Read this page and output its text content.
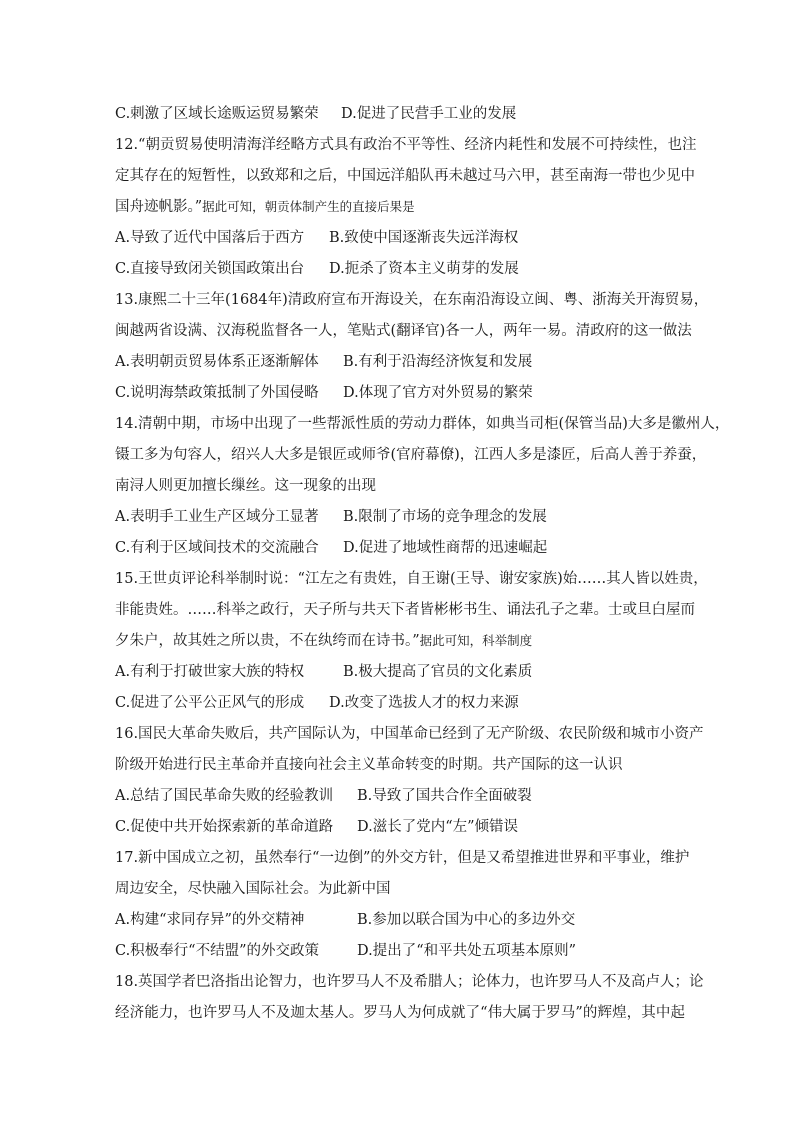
C.刺激了区域长途贩运贸易繁荣 D.促进了民营手工业的发展
12.“朝贡贸易使明清海洋经略方式具有政治不平等性、经济内耗性和发展不可持续性，也注
定其存在的短暂性，以致郑和之后，中国远洋船队再未越过马六甲，甚至南海一带也少见中
国舟迹帆影。”据此可知，朝贡体制产生的直接后果是
A.导致了近代中国落后于西方 B.致使中国逐渐丧失远洋海权
C.直接导致闭关锁国政策出台 D.扼杀了资本主义萌芽的发展
13.康熙二十三年(1684年)清政府宣布开海设关，在东南沿海设立闽、粤、浙海关开海贸易，
闽越两省设满、汉海税监督各一人，笔贴式(翻译官)各一人，两年一易。清政府的这一做法
A.表明朝贡贸易体系正逐渐解体 B.有利于沿海经济恢复和发展
C.说明海禁政策抵制了外国侵略 D.体现了官方对外贸易的繁荣
14.清朝中期，市场中出现了一些帮派性质的劳动力群体，如典当司柜(保管当品)大多是徽州人，
镊工多为句容人，绍兴人大多是银匠或师爷(官府幕僚)，江西人多是漆匠，后高人善于养蚕，
南浔人则更加擅长缫丝。这一现象的出现
A.表明手工业生产区域分工显著 B.限制了市场的竞争理念的发展
C.有利于区域间技术的交流融合 D.促进了地域性商帮的迅速崛起
15.王世贞评论科举制时说：“江左之有贵姓，自王谢(王导、谢安家族)始……其人皆以姓贵，
非能贵姓。……科举之政行，天子所与共天下者皆彬彬书生、诵法孔子之辈。士或旦白屋而
夕朱户，故其姓之所以贵，不在纨绔而在诗书。”据此可知，科举制度
A.有利于打破世家大族的特权	B.极大提高了官员的文化素质
C.促进了公平公正风气的形成 D.改变了选拔人才的权力来源
16.国民大革命失败后，共产国际认为，中国革命已经到了无产阶级、农民阶级和城市小资产
阶级开始进行民主革命并直接向社会主义革命转变的时期。共产国际的这一认识
A.总结了国民革命失败的经验教训 B.导致了国共合作全面破裂
C.促使中共开始探索新的革命道路 D.滋长了党内“左”倾错误
17.新中国成立之初，虽然奉行“一边倒”的外交方针，但是又希望推进世界和平事业，维护
周边安全，尽快融入国际社会。为此新中国
A.构建“求同存异”的外交精神	B.参加以联合国为中心的多边外交
C.积极奉行“不结盟”的外交政策	D.提出了“和平共处五项基本原则”
18.英国学者巴洛指出论智力，也许罗马人不及希腊人；论体力，也许罗马人不及高卢人；论
经济能力，也许罗马人不及迦太基人。罗马人为何成就了“伟大属于罗马”的辉煌，其中起
